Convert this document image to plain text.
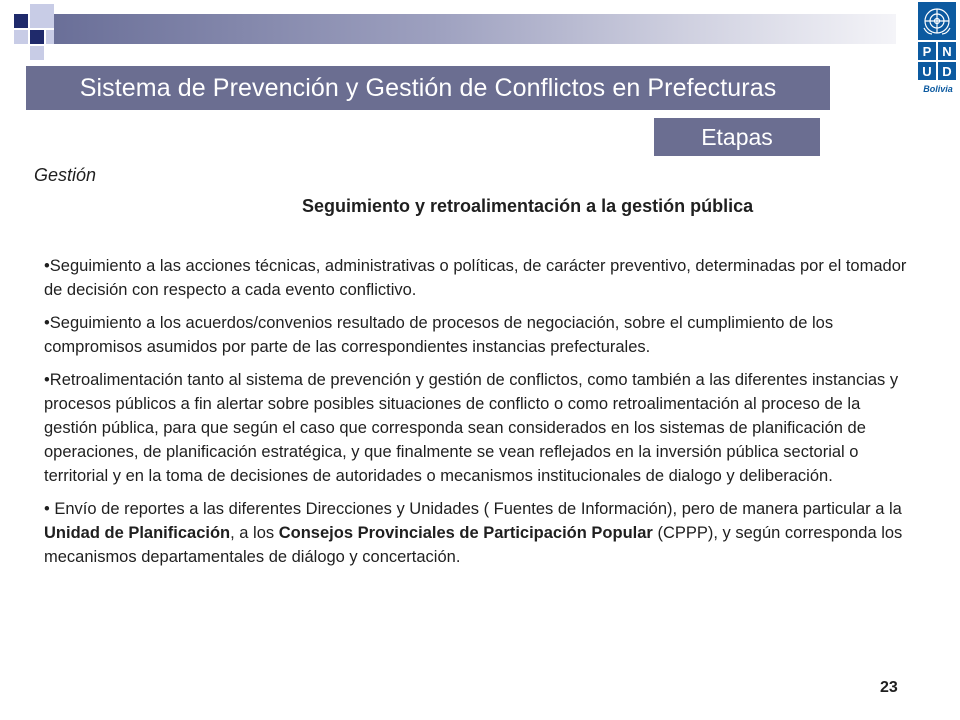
P N
U D
Bolivia
Sistema de Prevención y Gestión de Conflictos en Prefecturas
Etapas
Gestión
Seguimiento y retroalimentación a la gestión pública
•Seguimiento a las acciones técnicas, administrativas o políticas, de carácter preventivo, determinadas por el tomador de decisión con respecto a cada evento conflictivo.
•Seguimiento a los acuerdos/convenios resultado de procesos de negociación, sobre el cumplimiento de los compromisos asumidos por parte de las correspondientes instancias prefecturales.
•Retroalimentación tanto al sistema de prevención y gestión de conflictos, como también a las diferentes instancias y procesos públicos a fin alertar sobre posibles situaciones de conflicto o como retroalimentación al proceso de la gestión pública, para que según el caso que corresponda sean considerados en los sistemas de planificación de operaciones, de planificación estratégica, y que finalmente se vean reflejados en la inversión pública sectorial o territorial y en la toma de decisiones de autoridades o mecanismos institucionales de dialogo y deliberación.
• Envío de reportes a las diferentes Direcciones y Unidades ( Fuentes de Información), pero de manera particular a la Unidad de Planificación, a los Consejos Provinciales de Participación Popular (CPPP), y según corresponda los mecanismos departamentales de diálogo y concertación.
23
